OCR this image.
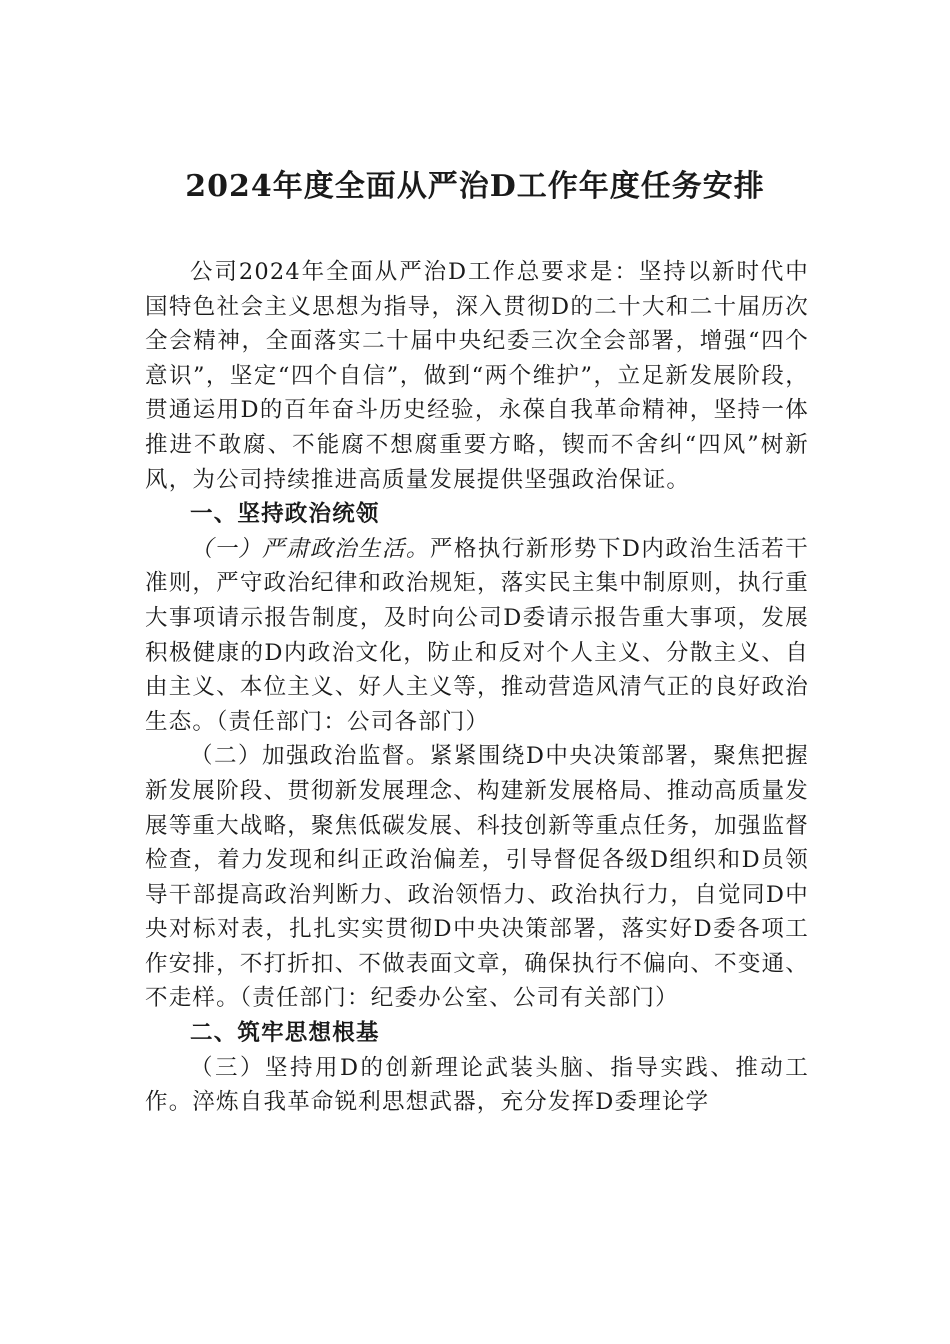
2024年度全面从严治D工作年度任务安排

公司2024年全面从严治D工作总要求是：坚持以新时代中国特色社会主义思想为指导，深入贯彻D的二十大和二十届历次全会精神，全面落实二十届中央纪委三次全会部署，增强“四个意识”，坚定“四个自信”，做到“两个维护”，立足新发展阶段，贯通运用D的百年奋斗历史经验，永葆自我革命精神，坚持一体推进不敢腐、不能腐不想腐重要方略，锲而不舍纠“四风”树新风，为公司持续推进高质量发展提供坚强政治保证。

一、坚持政治统领

（一）严肃政治生活。严格执行新形势下D内政治生活若干准则，严守政治纪律和政治规矩，落实民主集中制原则，执行重大事项请示报告制度，及时向公司D委请示报告重大事项，发展积极健康的D内政治文化，防止和反对个人主义、分散主义、自由主义、本位主义、好人主义等，推动营造风清气正的良好政治生态。（责任部门：公司各部门）

（二）加强政治监督。紧紧围绕D中央决策部署，聚焦把握新发展阶段、贯彻新发展理念、构建新发展格局、推动高质量发展等重大战略，聚焦低碳发展、科技创新等重点任务，加强监督检查，着力发现和纠正政治偏差，引导督促各级D组织和D员领导干部提高政治判断力、政治领悟力、政治执行力，自觉同D中央对标对表，扎扎实实贯彻D中央决策部署，落实好D委各项工作安排，不打折扣、不做表面文章，确保执行不偏向、不变通、不走样。（责任部门：纪委办公室、公司有关部门）

二、筑牢思想根基

（三）坚持用D的创新理论武装头脑、指导实践、推动工作。淬炼自我革命锐利思想武器，充分发挥D委理论学
